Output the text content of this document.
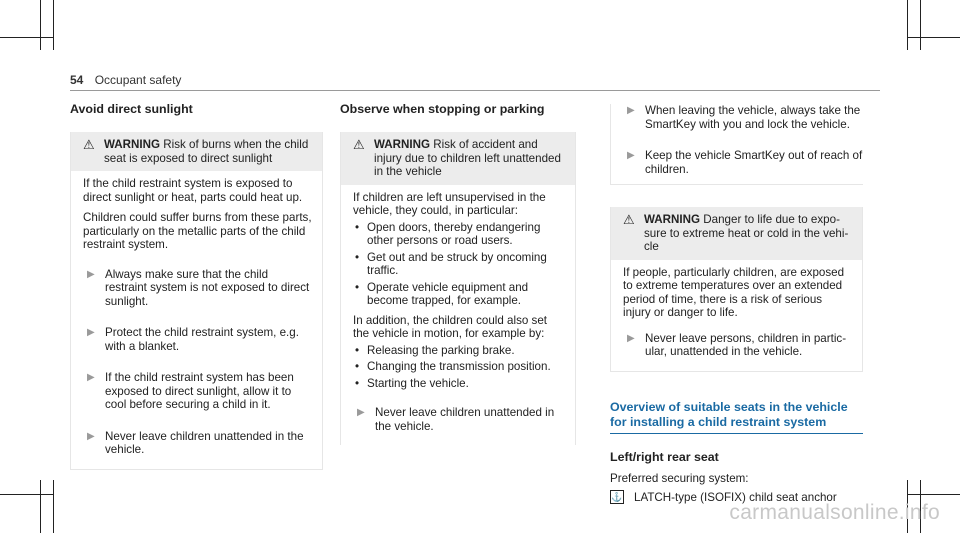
54 Occupant safety
Avoid direct sunlight
⚠ WARNING Risk of burns when the child seat is exposed to direct sunlight

If the child restraint system is exposed to direct sunlight or heat, parts could heat up.

Children could suffer burns from these parts, particularly on the metallic parts of the child restraint system.

▶ Always make sure that the child restraint system is not exposed to direct sunlight.
▶ Protect the child restraint system, e.g. with a blanket.
▶ If the child restraint system has been exposed to direct sunlight, allow it to cool before securing a child in it.
▶ Never leave children unattended in the vehicle.
Observe when stopping or parking
⚠ WARNING Risk of accident and injury due to children left unattended in the vehicle

If children are left unsupervised in the vehicle, they could, in particular:

• Open doors, thereby endangering other persons or road users.
• Get out and be struck by oncoming traffic.
• Operate vehicle equipment and become trapped, for example.

In addition, the children could also set the vehicle in motion, for example by:

• Releasing the parking brake.
• Changing the transmission position.
• Starting the vehicle.
▶ Never leave children unattended in the vehicle.
▶ When leaving the vehicle, always take the SmartKey with you and lock the vehicle.
▶ Keep the vehicle SmartKey out of reach of children.
⚠ WARNING Danger to life due to exposure to extreme heat or cold in the vehicle

If people, particularly children, are exposed to extreme temperatures over an extended period of time, there is a risk of serious injury or danger to life.

▶ Never leave persons, children in particular, unattended in the vehicle.
Overview of suitable seats in the vehicle for installing a child restraint system
Left/right rear seat

Preferred securing system:

⚓ LATCH-type (ISOFIX) child seat anchor
carmanualsonline.info
